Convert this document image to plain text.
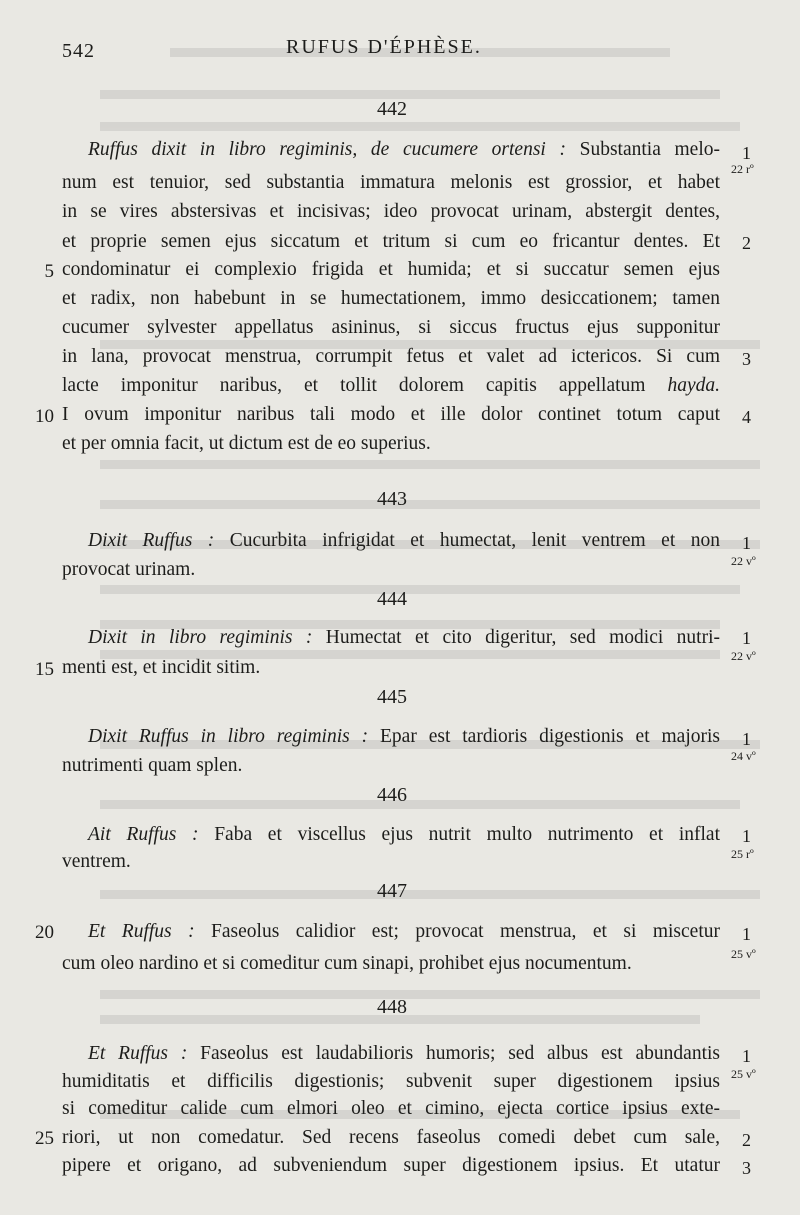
542	RUFUS D'ÉPHÈSE.
442
Ruffus dixit in libro regiminis, de cucumere ortensi : Substantia melo-
num est tenuior, sed substantia immatura melonis est grossior, et habet
in se vires abstersivas et incisivas; ideo provocat urinam, abstergit dentes,
et proprie semen ejus siccatum et tritum si cum eo fricantur dentes. Et
condominatur ei complexio frigida et humida; et si succatur semen ejus
et radix, non habebunt in se humectationem, immo desiccationem; tamen
cucumer sylvester appellatus asininus, si siccus fructus ejus supponitur
in lana, provocat menstrua, corrumpit fetus et valet ad ictericos. Si cum
lacte imponitur naribus, et tollit dolorem capitis appellatum hayda.
I ovum imponitur naribus tali modo et ille dolor continet totum caput
et per omnia facit, ut dictum est de eo superius.
443
Dixit Ruffus : Cucurbita infrigidat et humectat, lenit ventrem et non
provocat urinam.
444
Dixit in libro regiminis : Humectat et cito digeritur, sed modici nutri-
menti est, et incidit sitim.
445
Dixit Ruffus in libro regiminis : Epar est tardioris digestionis et majoris
nutrimenti quam splen.
446
Ait Ruffus : Faba et viscellus ejus nutrit multo nutrimento et inflat
ventrem.
447
Et Ruffus : Faseolus calidior est; provocat menstrua, et si miscetur
cum oleo nardino et si comeditur cum sinapi, prohibet ejus nocumentum.
448
Et Ruffus : Faseolus est laudabilioris humoris; sed albus est abundantis
humiditatis et difficilis digestionis; subvenit super digestionem ipsius
si comeditur calide cum elmori oleo et cimino, ejecta cortice ipsius exte-
riori, ut non comedatur. Sed recens faseolus comedi debet cum sale,
pipere et origano, ad subveniendum super digestionem ipsius. Et utatur
5
10
15
20
25
1
2
3
4
1
1
1
1
1
1
2
3
22 rº
22 vº
22 vº
24 vº
25 rº
25 vº
25 vº
